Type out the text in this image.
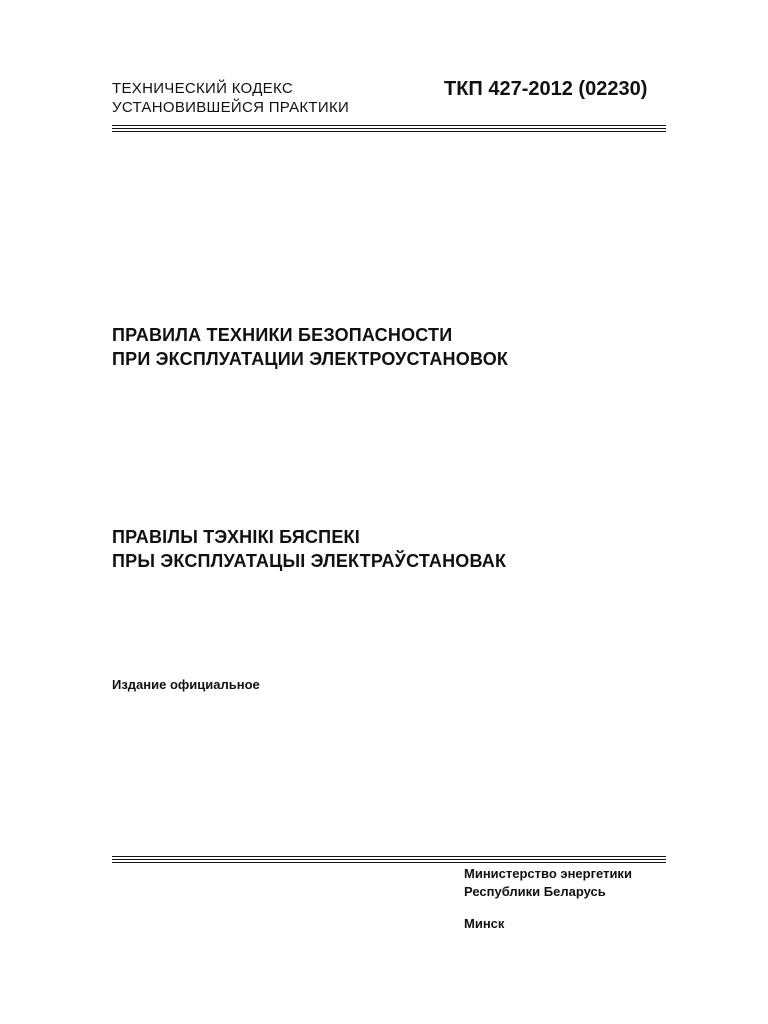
ТЕХНИЧЕСКИЙ КОДЕКС
УСТАНОВИВШЕЙСЯ ПРАКТИКИ
ТКП 427-2012 (02230)
ПРАВИЛА ТЕХНИКИ БЕЗОПАСНОСТИ
ПРИ ЭКСПЛУАТАЦИИ ЭЛЕКТРОУСТАНОВОК
ПРАВIЛЫ ТЭХНIКI БЯСПЕКI
ПРЫ ЭКСПЛУАТАЦЫI ЭЛЕКТРАЎСТАНОВАК
Издание официальное
Министерство энергетики
Республики Беларусь
Минск
